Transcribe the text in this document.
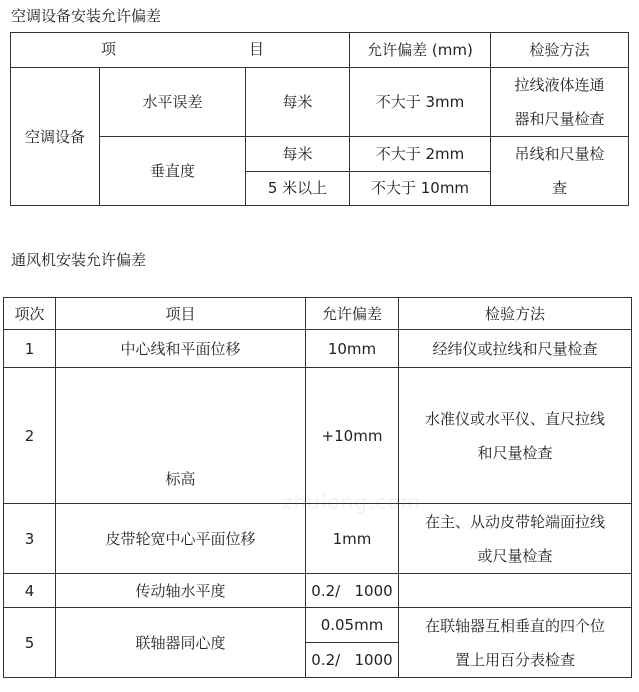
空调设备安装允许偏差
项 目			允许偏差 (mm)	检验方法
空调设备	水平误差	每米	不大于 3mm	拉线液体连通
器和尺量检查

	垂直度	每米	不大于 2mm	吊线和尺量检
查

		5 米以上	不大于 10mm	
通风机安装允许偏差
zhulong.com
项次	项目	允许偏差	检验方法
1	中心线和平面位移	10mm	经纬仪或拉线和尺量检查
2	标高	+10mm	水准仪或水平仪、直尺拉线
和尺量检查

3	皮带轮宽中心平面位移	1mm	在主、从动皮带轮端面拉线
或尺量检查

4	传动轴水平度	0.2/   1000	
5	联轴器同心度	0.05mm	在联轴器互相垂直的四个位
置上用百分表检查

		0.2/   1000	
